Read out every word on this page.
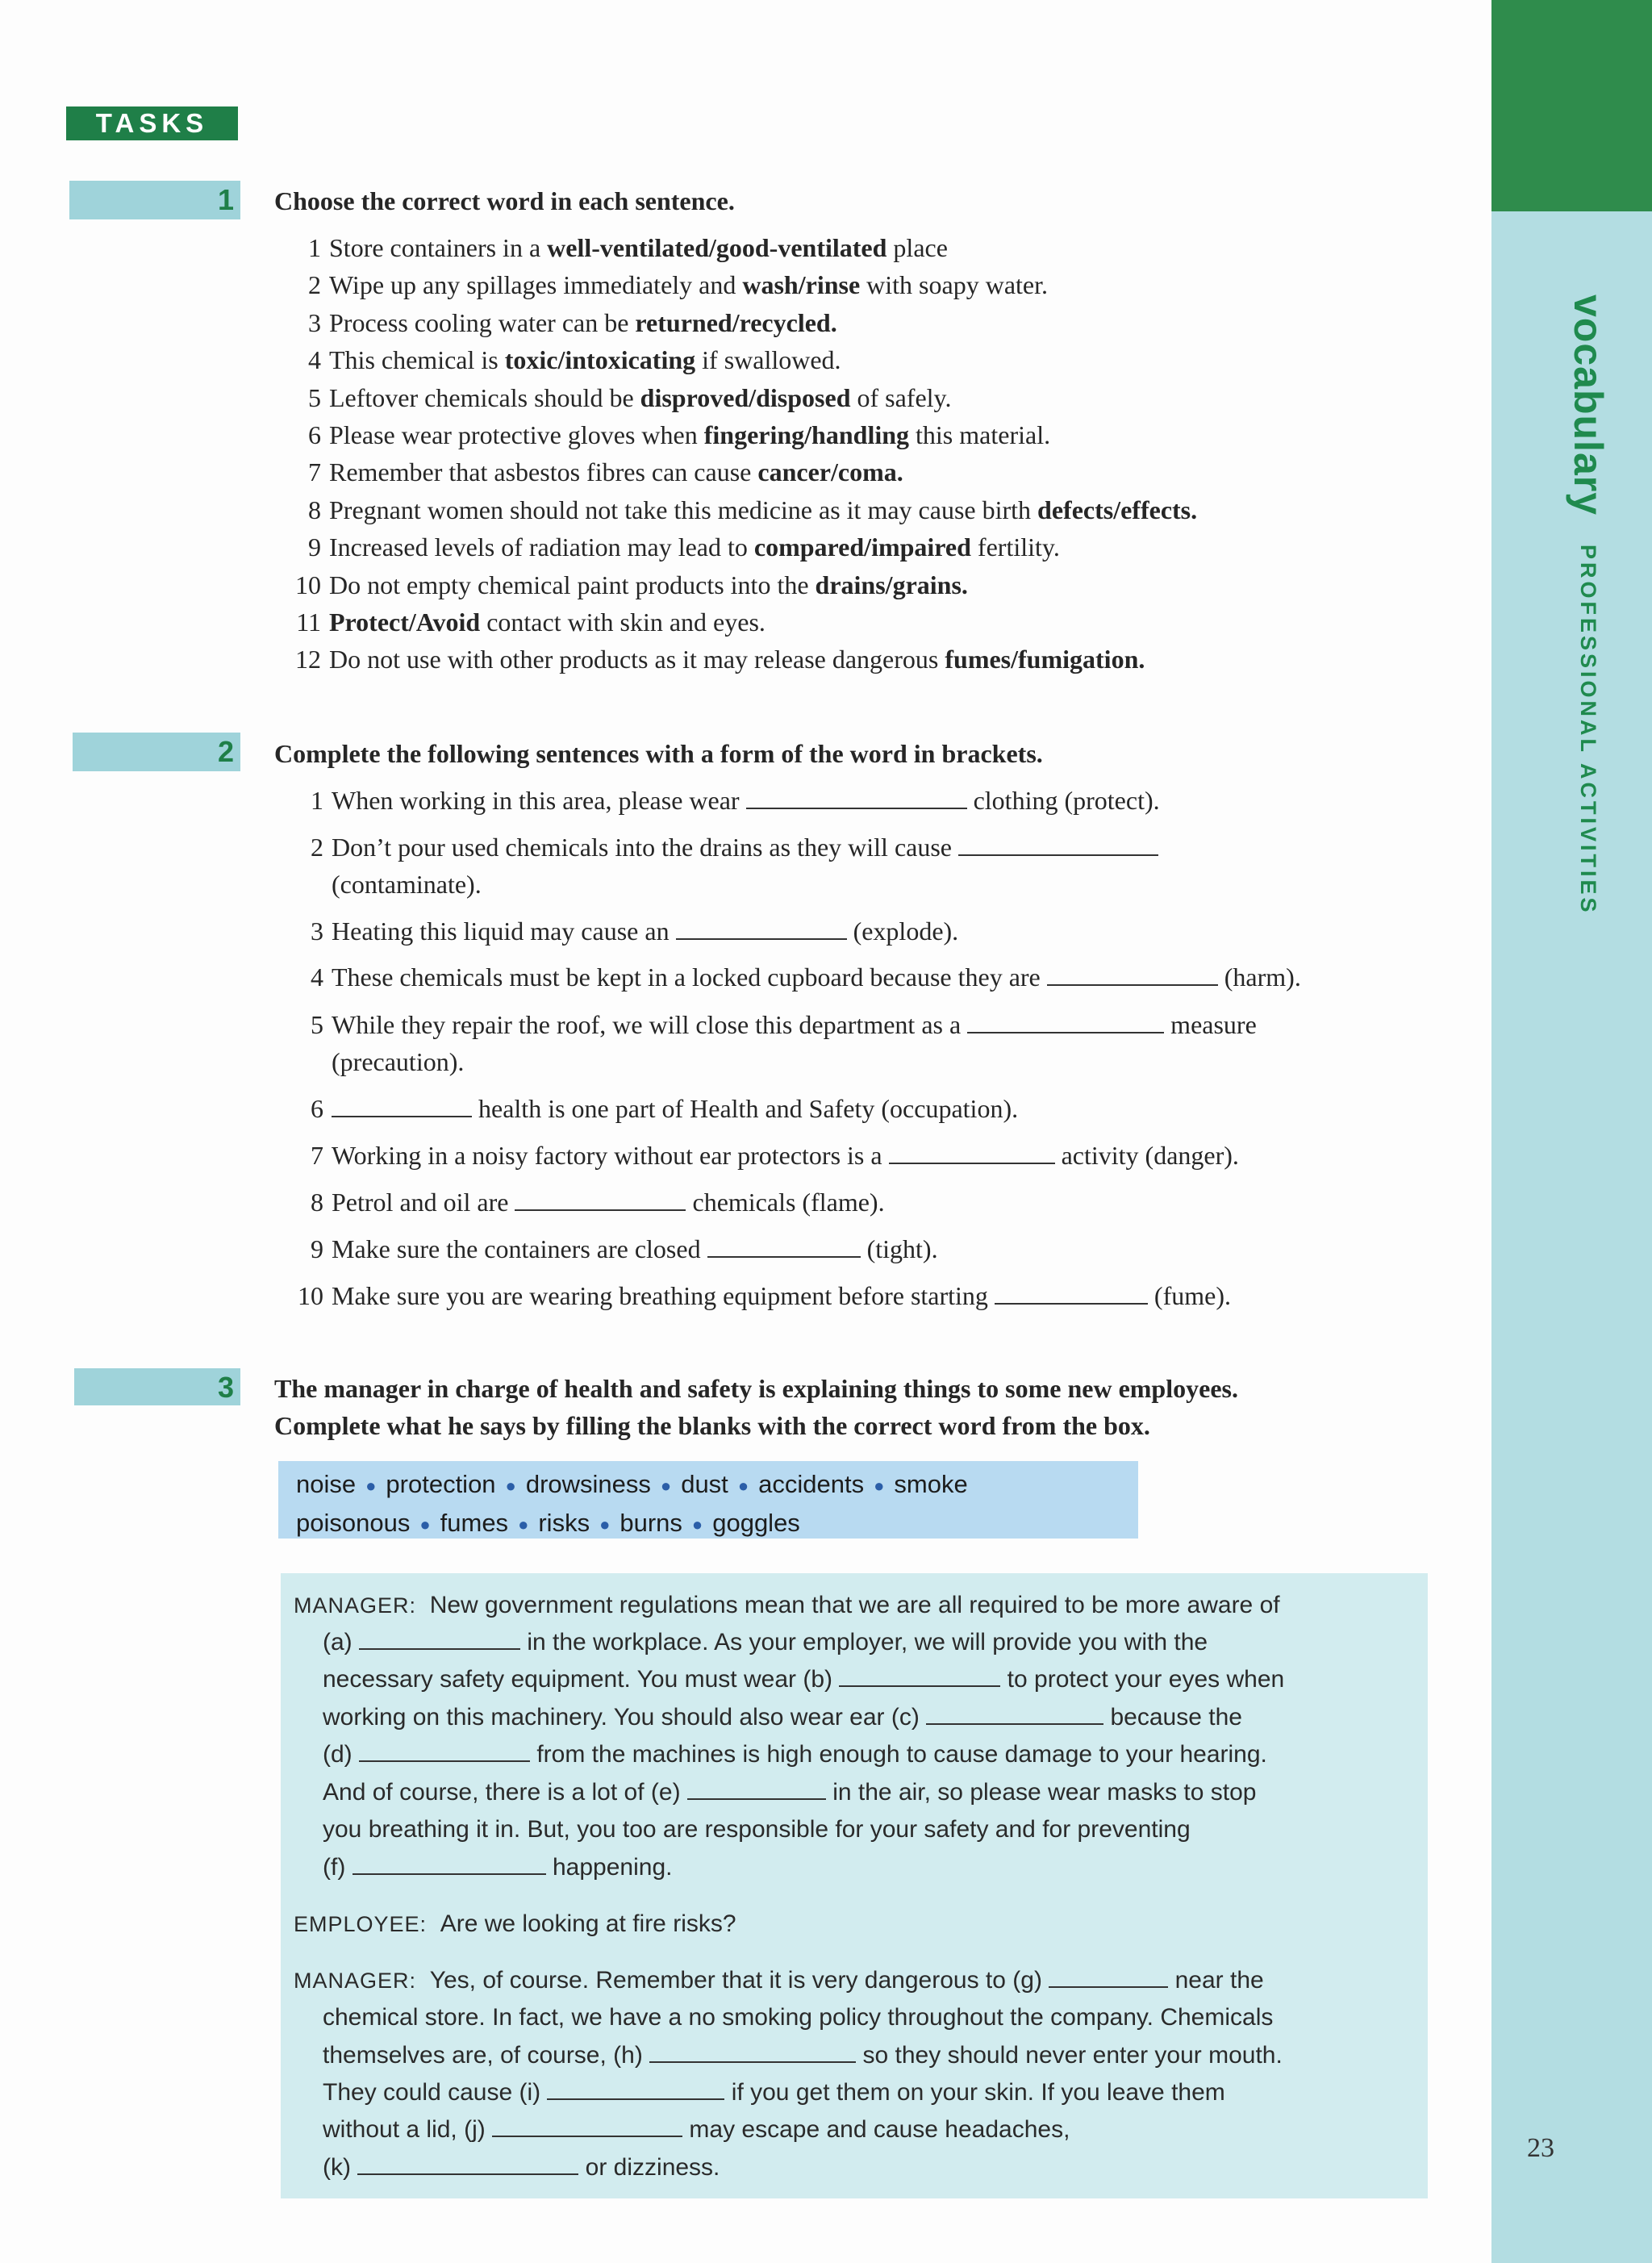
vocabulary PROFESSIONAL ACTIVITIES
23
TASKS
1 Choose the correct word in each sentence.
1 Store containers in a well-ventilated/good-ventilated place
2 Wipe up any spillages immediately and wash/rinse with soapy water.
3 Process cooling water can be returned/recycled.
4 This chemical is toxic/intoxicating if swallowed.
5 Leftover chemicals should be disproved/disposed of safely.
6 Please wear protective gloves when fingering/handling this material.
7 Remember that asbestos fibres can cause cancer/coma.
8 Pregnant women should not take this medicine as it may cause birth defects/effects.
9 Increased levels of radiation may lead to compared/impaired fertility.
10 Do not empty chemical paint products into the drains/grains.
11 Protect/Avoid contact with skin and eyes.
12 Do not use with other products as it may release dangerous fumes/fumigation.
2 Complete the following sentences with a form of the word in brackets.
1 When working in this area, please wear	clothing (protect).
2 Don’t pour used chemicals into the drains as they will cause
(contaminate).
3 Heating this liquid may cause an	(explode).
4 These chemicals must be kept in a locked cupboard because they are	(harm).
5 While they repair the roof, we will close this department as a	measure
(precaution).
6	health is one part of Health and Safety (occupation).
7 Working in a noisy factory without ear protectors is a	activity (danger).
8 Petrol and oil are	chemicals (flame).
9 Make sure the containers are closed	(tight).
10 Make sure you are wearing breathing equipment before starting	(fume).
3 The manager in charge of health and safety is explaining things to some new employees.
Complete what he says by filling the blanks with the correct word from the box.
noise ● protection ● drowsiness ● dust ● accidents ● smoke
poisonous ● fumes ● risks ● burns ● goggles
MANAGER: New government regulations mean that we are all required to be more aware of
(a)	in the workplace. As your employer, we will provide you with the
necessary safety equipment. You must wear (b)	to protect your eyes when
working on this machinery. You should also wear ear (c)	because the
(d)	from the machines is high enough to cause damage to your hearing.
And of course, there is a lot of (e)	in the air, so please wear masks to stop
you breathing it in. But, you too are responsible for your safety and for preventing
(f)	happening.
EMPLOYEE:  Are we looking at fire risks?
MANAGER: Yes, of course. Remember that it is very dangerous to (g)	near the
chemical store. In fact, we have a no smoking policy throughout the company. Chemicals
themselves are, of course, (h)	so they should never enter your mouth.
They could cause (i)	if you get them on your skin. If you leave them
without a lid, (j)	may escape and cause headaches,
(k)	or dizziness.
